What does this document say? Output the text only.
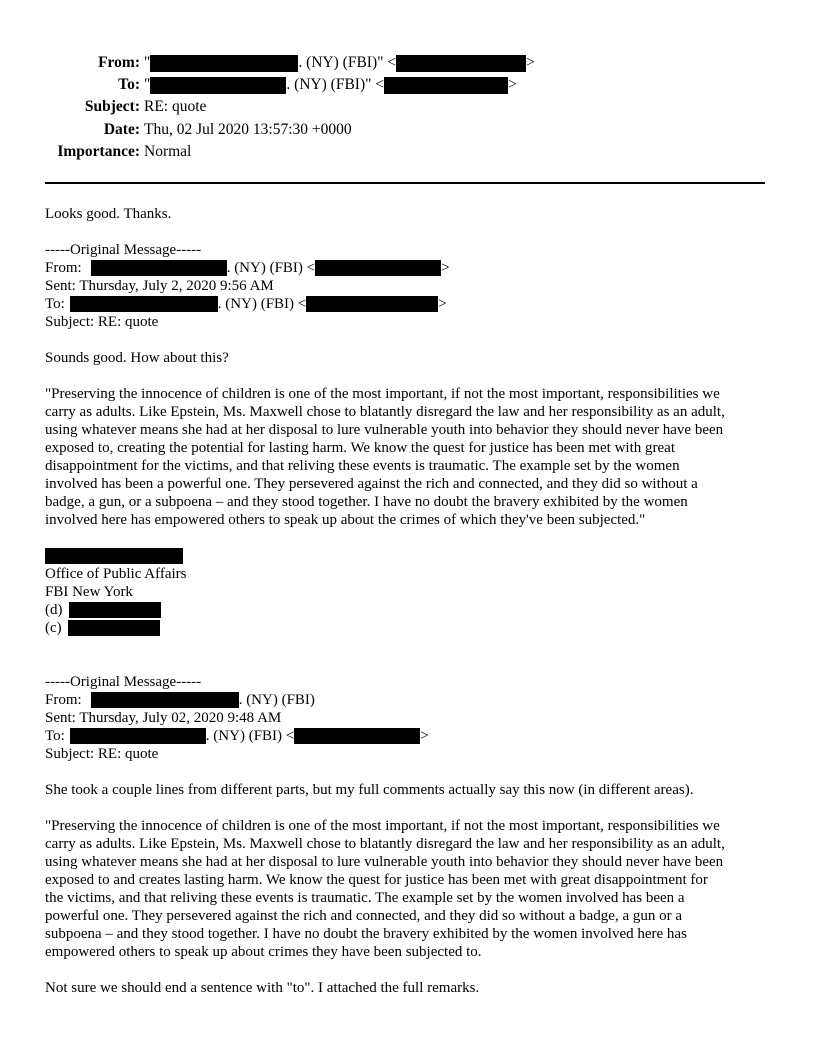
From: "	. (NY) (FBI)" <	>
To: "	. (NY) (FBI)" <	>
Subject: RE: quote
Date: Thu, 02 Jul 2020 13:57:30 +0000
Importance: Normal
Looks good. Thanks.
-----Original Message-----
From:	. (NY) (FBI) <	>
Sent: Thursday, July 2, 2020 9:56 AM
To:	. (NY) (FBI) <	>
Subject: RE: quote
Sounds good. How about this?
"Preserving the innocence of children is one of the most important, if not the most important, responsibilities we
carry as adults. Like Epstein, Ms. Maxwell chose to blatantly disregard the law and her responsibility as an adult,
using whatever means she had at her disposal to lure vulnerable youth into behavior they should never have been
exposed to, creating the potential for lasting harm. We know the quest for justice has been met with great
disappointment for the victims, and that reliving these events is traumatic. The example set by the women
involved has been a powerful one. They persevered against the rich and connected, and they did so without a
badge, a gun, or a subpoena – and they stood together. I have no doubt the bravery exhibited by the women
involved here has empowered others to speak up about the crimes of which they've been subjected."
Office of Public Affairs
FBI New York
(d)
(c)
-----Original Message-----
From:	. (NY) (FBI)
Sent: Thursday, July 02, 2020 9:48 AM
To:	. (NY) (FBI) <	>
Subject: RE: quote
She took a couple lines from different parts, but my full comments actually say this now (in different areas).
"Preserving the innocence of children is one of the most important, if not the most important, responsibilities we
carry as adults. Like Epstein, Ms. Maxwell chose to blatantly disregard the law and her responsibility as an adult,
using whatever means she had at her disposal to lure vulnerable youth into behavior they should never have been
exposed to and creates lasting harm. We know the quest for justice has been met with great disappointment for
the victims, and that reliving these events is traumatic. The example set by the women involved has been a
powerful one. They persevered against the rich and connected, and they did so without a badge, a gun or a
subpoena – and they stood together. I have no doubt the bravery exhibited by the women involved here has
empowered others to speak up about crimes they have been subjected to.
Not sure we should end a sentence with "to". I attached the full remarks.
